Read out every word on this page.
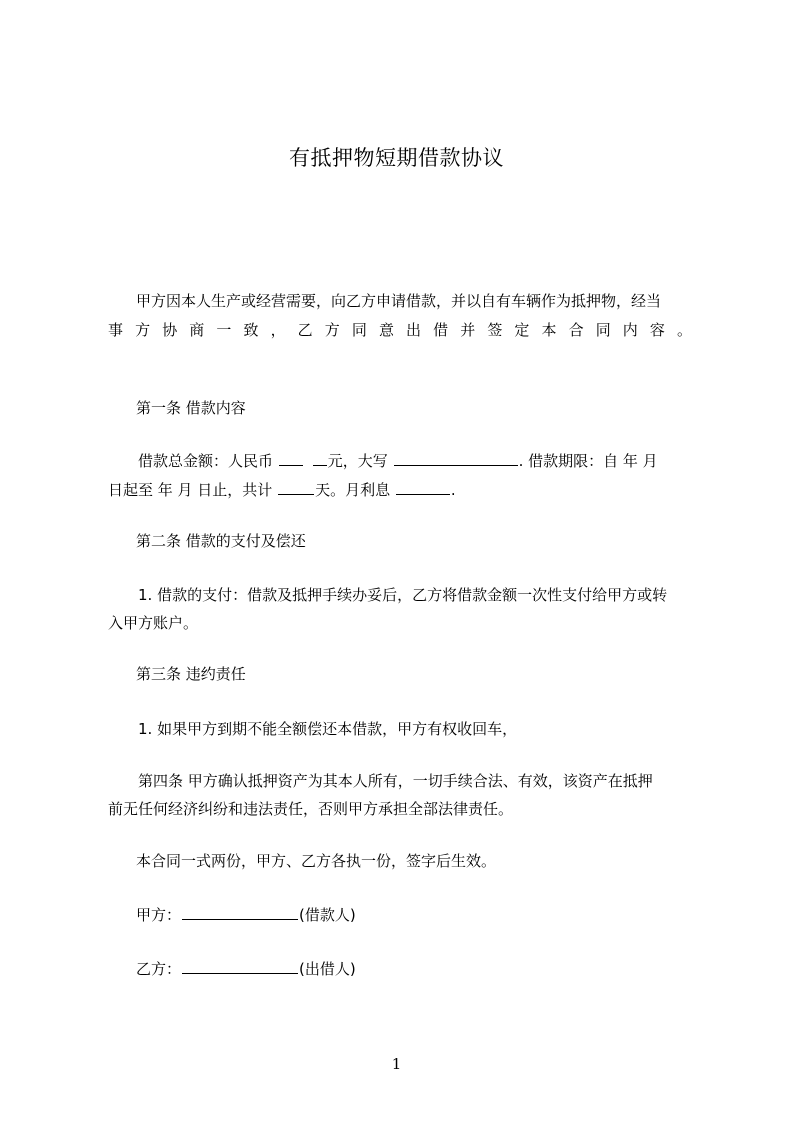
有抵押物短期借款协议
甲方因本人生产或经营需要，向乙方申请借款，并以自有车辆作为抵押物，经当
事 方 协 商 一 致 ， 乙 方 同 意 出 借 并 签 定 本 合 同 内 容 。
第一条 借款内容
借款总金额：人民币	元，大写	. 借款期限：自 年 月
日起至 年 月 日止，共计	天。月利息	.
第二条 借款的支付及偿还
1. 借款的支付：借款及抵押手续办妥后，乙方将借款金额一次性支付给甲方或转
入甲方账户。
第三条 违约责任
1. 如果甲方到期不能全额偿还本借款，甲方有权收回车，
第四条 甲方确认抵押资产为其本人所有，一切手续合法、有效，该资产在抵押
前无任何经济纠纷和违法责任，否则甲方承担全部法律责任。
本合同一式两份，甲方、乙方各执一份，签字后生效。
甲方：	(借款人)
乙方：	(出借人)
1
